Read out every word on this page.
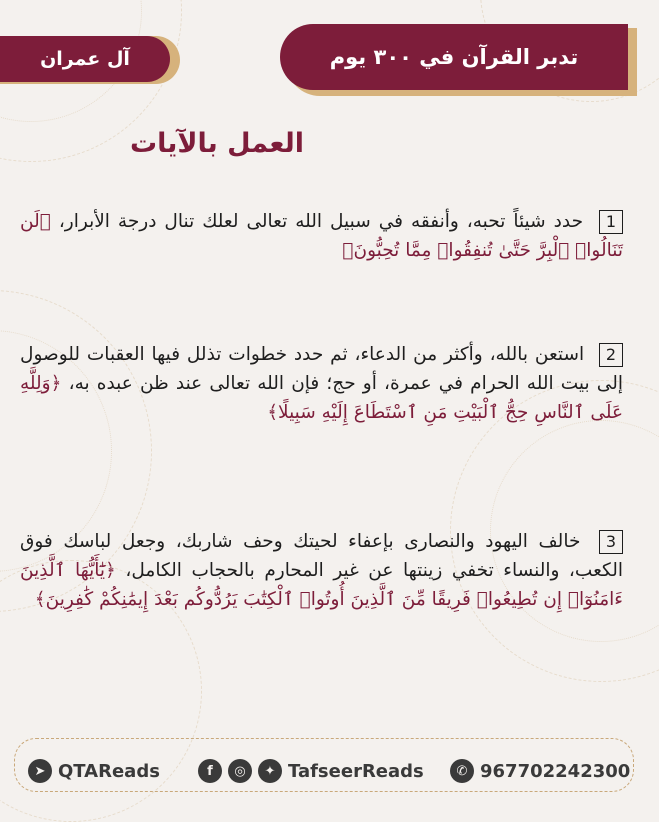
آل عمران	تدبر القرآن في ٣٠٠ يوم
العمل بالآيات
1 حدد شيئاً تحبه، وأنفقه في سبيل الله تعالى لعلك تنال درجة الأبرار، ﴿لَن تَنَالُوا۟ ٱلْبِرَّ حَتَّىٰ تُنفِقُوا۟ مِمَّا تُحِبُّونَ﴾
2 استعن بالله، وأكثر من الدعاء، ثم حدد خطوات تذلل فيها العقبات للوصول إلى بيت الله الحرام في عمرة، أو حج؛ فإن الله تعالى عند ظن عبده به، ﴿وَلِلَّهِ عَلَى ٱلنَّاسِ حِجُّ ٱلْبَيْتِ مَنِ ٱسْتَطَاعَ إِلَيْهِ سَبِيلًا﴾
3 خالف اليهود والنصارى بإعفاء لحيتك وحف شاربك، وجعل لباسك فوق الكعب، والنساء تخفي زينتها عن غير المحارم بالحجاب الكامل، ﴿يَٰٓأَيُّهَا ٱلَّذِينَ ءَامَنُوٓا۟ إِن تُطِيعُوا۟ فَرِيقًا مِّنَ ٱلَّذِينَ أُوتُوا۟ ٱلْكِتَٰبَ يَرُدُّوكُم بَعْدَ إِيمَٰنِكُمْ كَٰفِرِينَ﴾
➤ QTAReads	f	◎	✦ TafseerReads	✆ 967702242300
